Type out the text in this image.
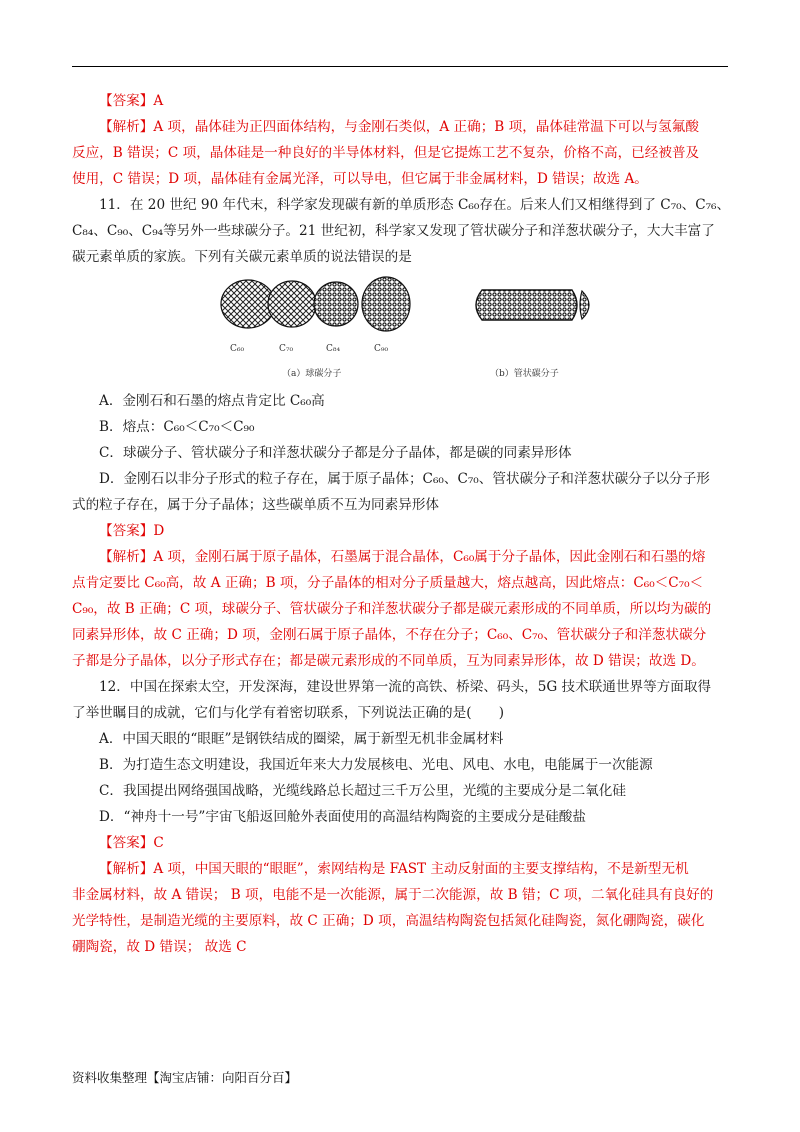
【答案】A
【解析】A 项，晶体硅为正四面体结构，与金刚石类似，A 正确；B 项，晶体硅常温下可以与氢氟酸
反应，B 错误；C 项，晶体硅是一种良好的半导体材料，但是它提炼工艺不复杂，价格不高，已经被普及
使用，C 错误；D 项，晶体硅有金属光泽，可以导电，但它属于非金属材料，D 错误；故选 A。
11．在 20 世纪 90 年代末，科学家发现碳有新的单质形态 C₆₀存在。后来人们又相继得到了 C₇₀、C₇₆、
C₈₄、C₉₀、C₉₄等另外一些球碳分子。21 世纪初，科学家又发现了管状碳分子和洋葱状碳分子，大大丰富了
碳元素单质的家族。下列有关碳元素单质的说法错误的是
C₆₀	C₇₀	C₈₄	C₉₀
（a）球碳分子	（b）管状碳分子
A．金刚石和石墨的熔点肯定比 C₆₀高
B．熔点：C₆₀＜C₇₀＜C₉₀
C．球碳分子、管状碳分子和洋葱状碳分子都是分子晶体，都是碳的同素异形体
D．金刚石以非分子形式的粒子存在，属于原子晶体；C₆₀、C₇₀、管状碳分子和洋葱状碳分子以分子形
式的粒子存在，属于分子晶体；这些碳单质不互为同素异形体
【答案】D
【解析】A 项，金刚石属于原子晶体，石墨属于混合晶体，C₆₀属于分子晶体，因此金刚石和石墨的熔
点肯定要比 C₆₀高，故 A 正确；B 项，分子晶体的相对分子质量越大，熔点越高，因此熔点：C₆₀＜C₇₀＜
C₉₀，故 B 正确；C 项，球碳分子、管状碳分子和洋葱状碳分子都是碳元素形成的不同单质，所以均为碳的
同素异形体，故 C 正确；D 项，金刚石属于原子晶体，不存在分子；C₆₀、C₇₀、管状碳分子和洋葱状碳分
子都是分子晶体，以分子形式存在；都是碳元素形成的不同单质，互为同素异形体，故 D 错误；故选 D。
12．中国在探索太空，开发深海，建设世界第一流的高铁、桥梁、码头，5G 技术联通世界等方面取得
了举世瞩目的成就，它们与化学有着密切联系，下列说法正确的是(　　)
A．中国天眼的“眼眶”是钢铁结成的圈梁，属于新型无机非金属材料
B．为打造生态文明建设，我国近年来大力发展核电、光电、风电、水电，电能属于一次能源
C．我国提出网络强国战略，光缆线路总长超过三千万公里，光缆的主要成分是二氧化硅
D．“神舟十一号”宇宙飞船返回舱外表面使用的高温结构陶瓷的主要成分是硅酸盐
【答案】C
【解析】A 项，中国天眼的“眼眶”，索网结构是 FAST 主动反射面的主要支撑结构，不是新型无机
非金属材料，故 A 错误； B 项，电能不是一次能源，属于二次能源，故 B 错；C 项，二氧化硅具有良好的
光学特性，是制造光缆的主要原料，故 C 正确；D 项，高温结构陶瓷包括氮化硅陶瓷，氮化硼陶瓷，碳化
硼陶瓷，故 D 错误； 故选 C
资料收集整理【淘宝店铺：向阳百分百】
